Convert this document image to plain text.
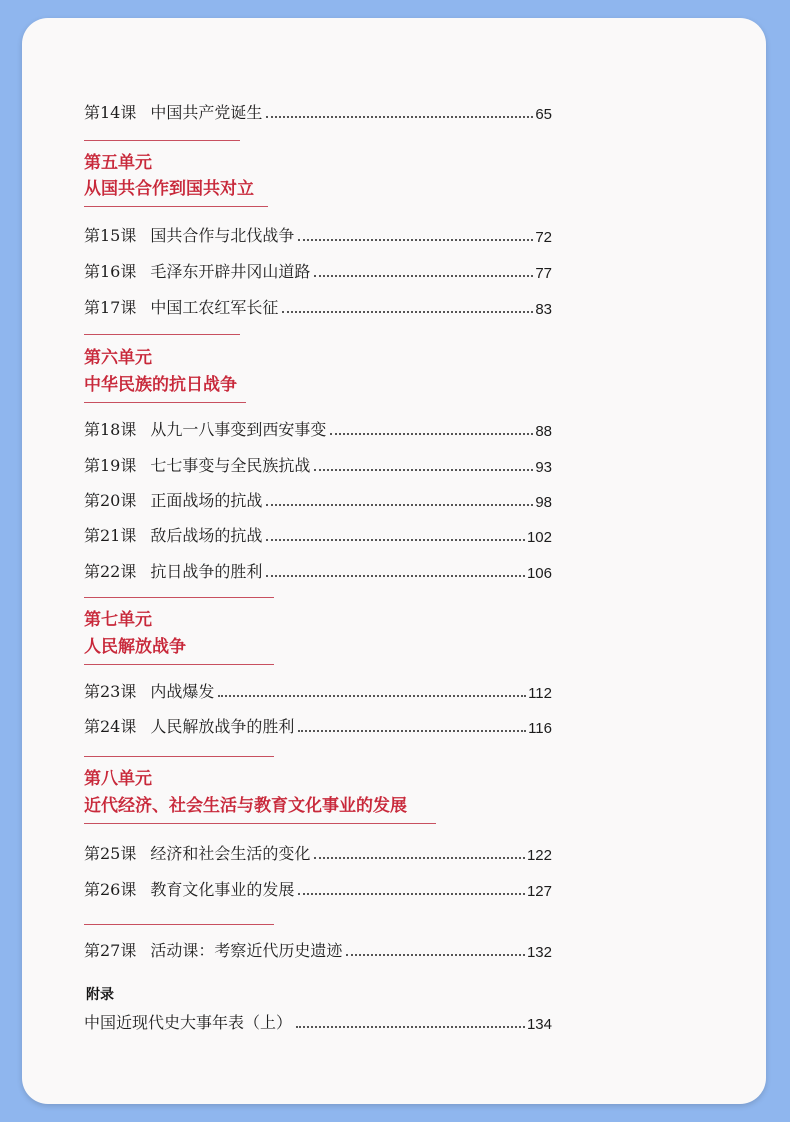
第14课 中国共产党诞生	65
第五单元
从国共合作到国共对立
第15课 国共合作与北伐战争	72
第16课 毛泽东开辟井冈山道路	77
第17课 中国工农红军长征	83
第六单元
中华民族的抗日战争
第18课 从九一八事变到西安事变	88
第19课 七七事变与全民族抗战	93
第20课 正面战场的抗战	98
第21课 敌后战场的抗战	102
第22课 抗日战争的胜利	106
第七单元
人民解放战争
第23课 内战爆发	112
第24课 人民解放战争的胜利	116
第八单元
近代经济、社会生活与教育文化事业的发展
第25课 经济和社会生活的变化	122
第26课 教育文化事业的发展	127
第27课 活动课：考察近代历史遗迹	132
附录
中国近现代史大事年表（上）	134
